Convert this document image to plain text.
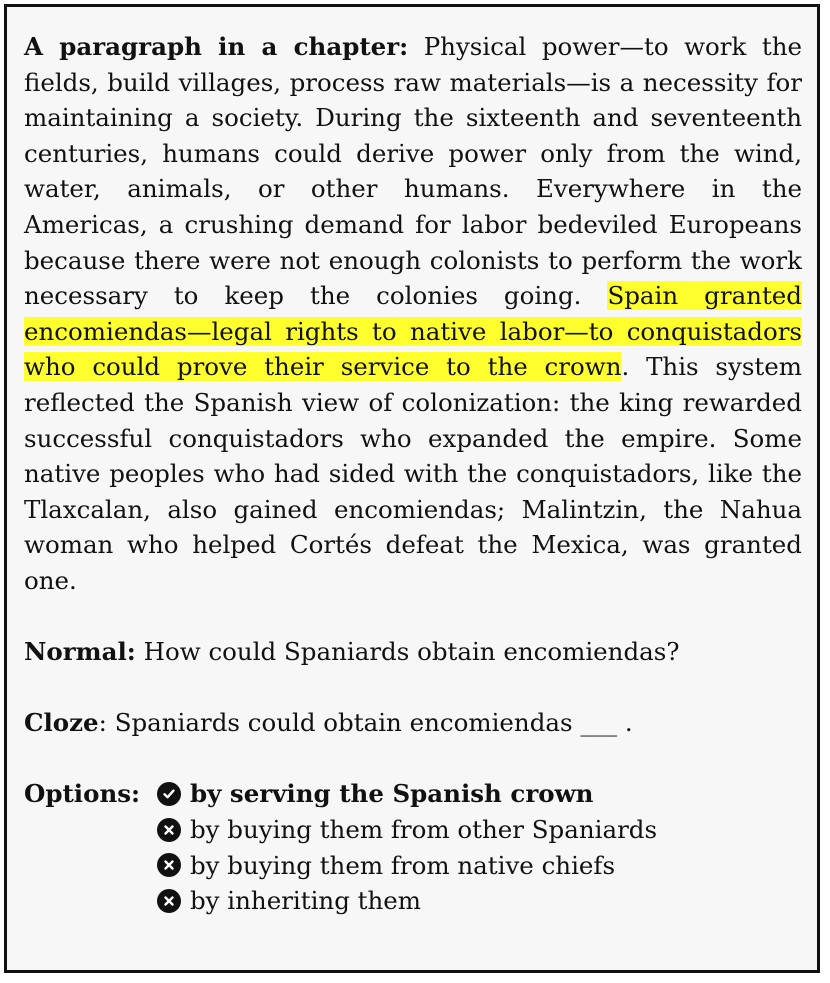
A paragraph in a chapter: Physical power—to work the fields, build villages, process raw materials—is a necessity for maintaining a society. During the sixteenth and seventeenth centuries, humans could derive power only from the wind, water, animals, or other humans. Everywhere in the Americas, a crushing demand for labor bedeviled Europeans because there were not enough colonists to perform the work necessary to keep the colonies going. Spain granted encomiendas—legal rights to native labor—to conquistadors who could prove their service to the crown. This system reflected the Spanish view of colonization: the king rewarded successful conquistadors who expanded the empire. Some native peoples who had sided with the conquistadors, like the Tlaxcalan, also gained encomiendas; Malintzin, the Nahua woman who helped Cortés defeat the Mexica, was granted one.

Normal: How could Spaniards obtain encomiendas?

Cloze: Spaniards could obtain encomiendas ___ .

Options:	by serving the Spanish crown
by buying them from other Spaniards
by buying them from native chiefs
by inheriting them
